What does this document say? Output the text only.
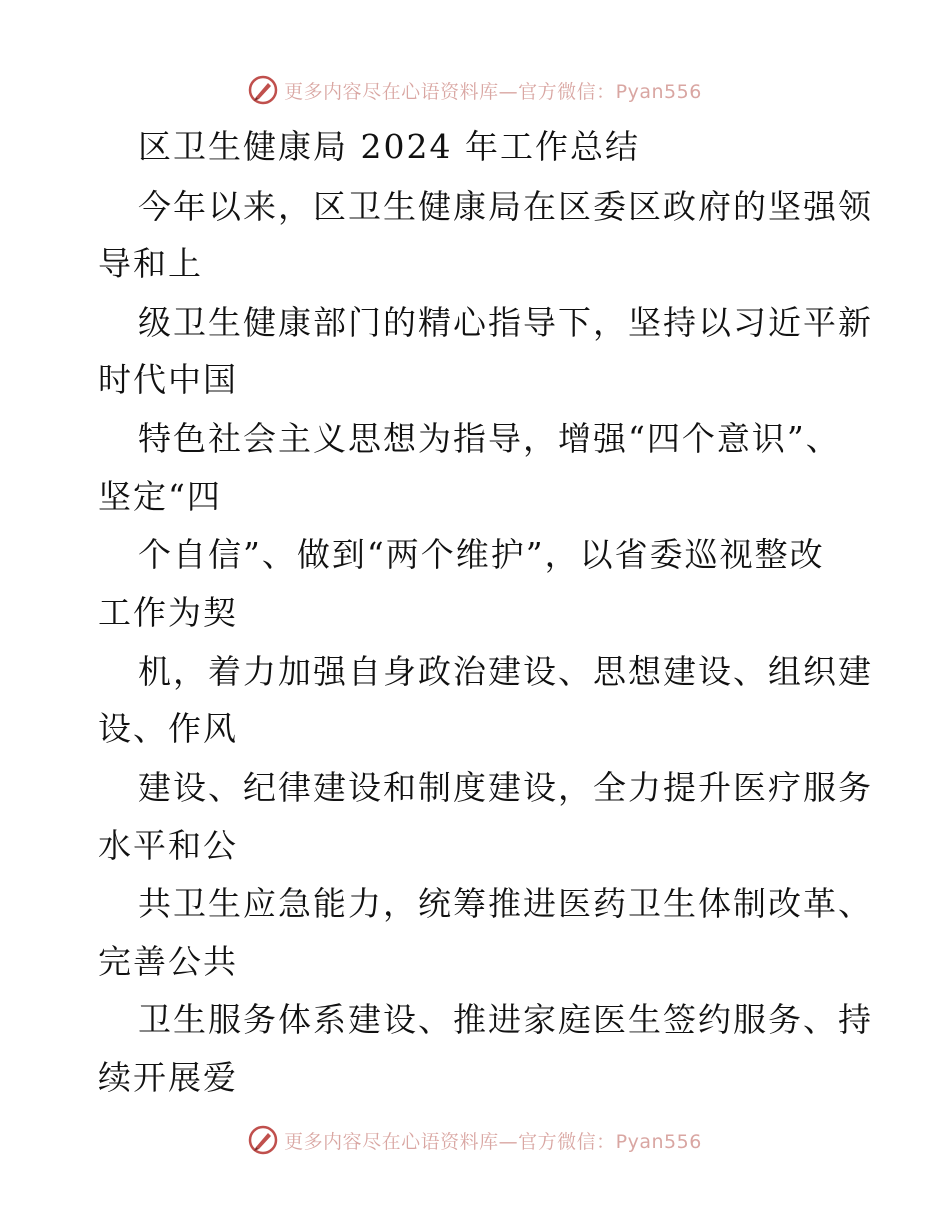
更多内容尽在心语资料库—官方微信：Pyan556
区卫生健康局 2024 年工作总结
今年以来，区卫生健康局在区委区政府的坚强领
导和上
级卫生健康部门的精心指导下，坚持以习近平新
时代中国
特色社会主义思想为指导，增强“四个意识”、
坚定“四
个自信”、做到“两个维护”，以省委巡视整改
工作为契
机，着力加强自身政治建设、思想建设、组织建
设、作风
建设、纪律建设和制度建设，全力提升医疗服务
水平和公
共卫生应急能力，统筹推进医药卫生体制改革、
完善公共
卫生服务体系建设、推进家庭医生签约服务、持
续开展爱
更多内容尽在心语资料库—官方微信：Pyan556
